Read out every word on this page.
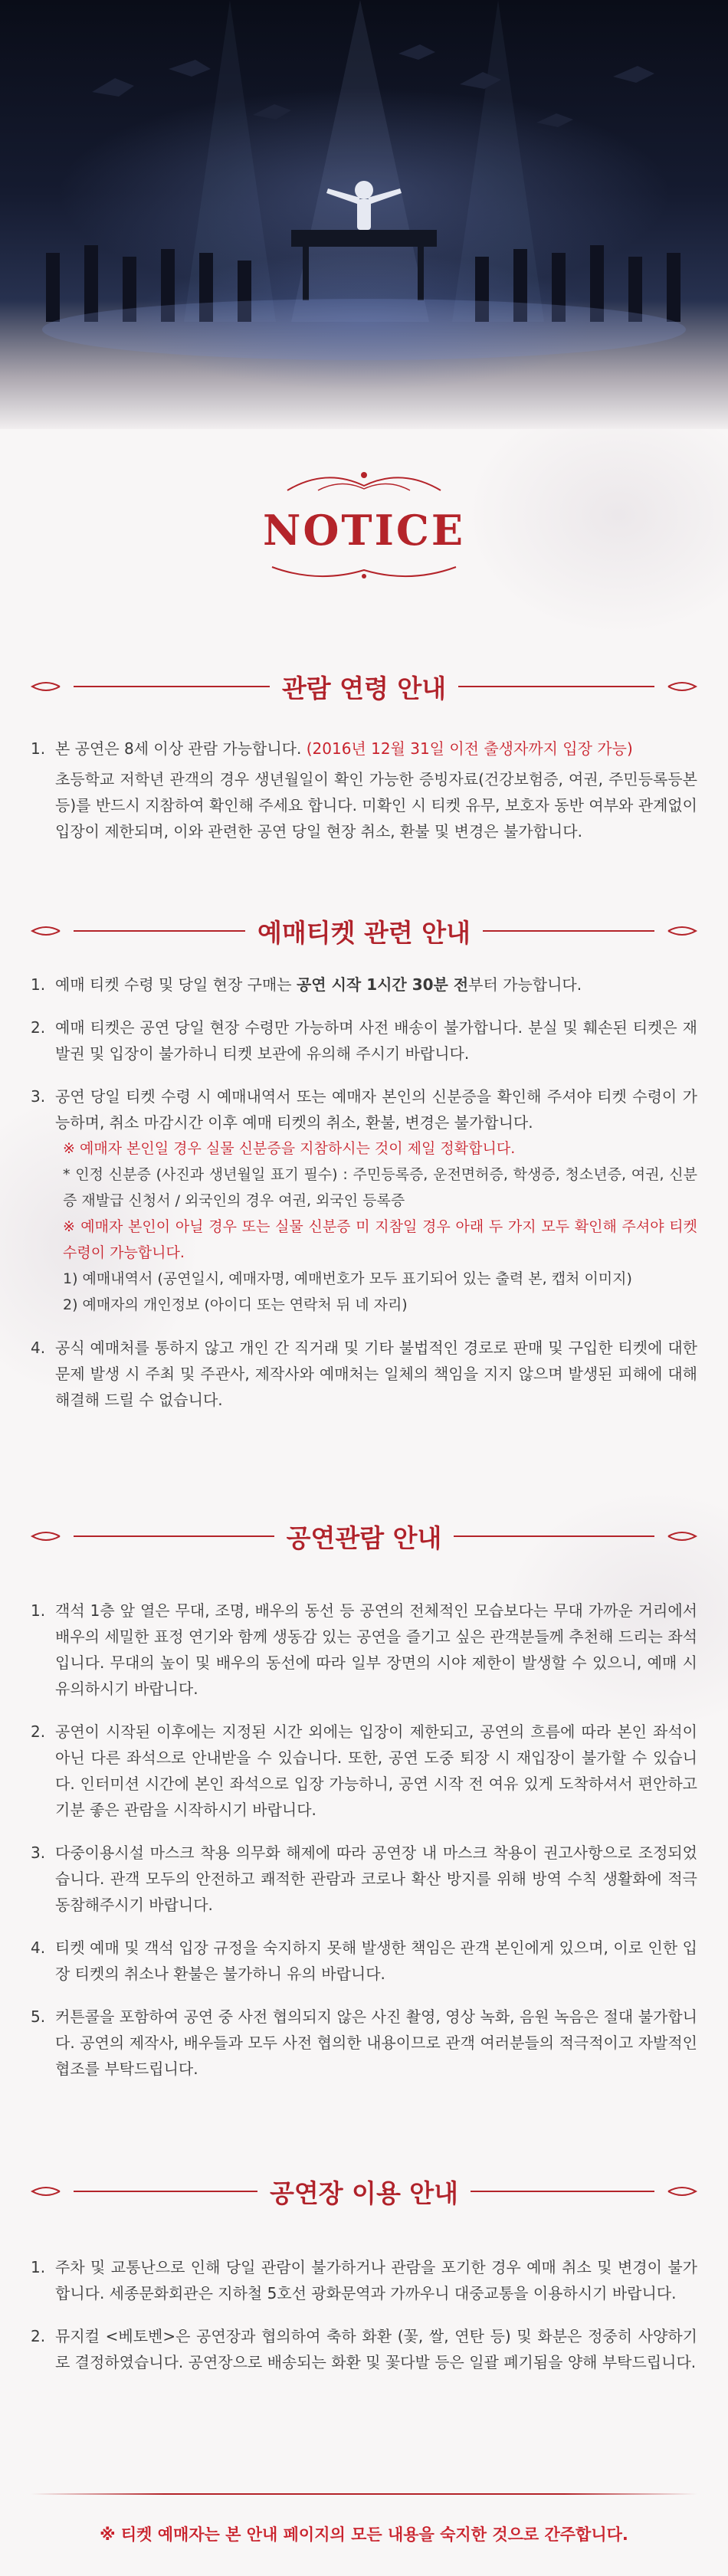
NOTICE
관람 연령 안내
1. 본 공연은 8세 이상 관람 가능합니다. (2016년 12월 31일 이전 출생자까지 입장 가능)
초등학교 저학년 관객의 경우 생년월일이 확인 가능한 증빙자료(건강보험증, 여권, 주민등록등본 등)를 반드시 지참하여 확인해 주세요 합니다. 미확인 시 티켓 유무, 보호자 동반 여부와 관계없이 입장이 제한되며, 이와 관련한 공연 당일 현장 취소, 환불 및 변경은 불가합니다.
예매티켓 관련 안내
1. 예매 티켓 수령 및 당일 현장 구매는 공연 시작 1시간 30분 전부터 가능합니다.
2. 예매 티켓은 공연 당일 현장 수령만 가능하며 사전 배송이 불가합니다. 분실 및 훼손된 티켓은 재발권 및 입장이 불가하니 티켓 보관에 유의해 주시기 바랍니다.
3. 공연 당일 티켓 수령 시 예매내역서 또는 예매자 본인의 신분증을 확인해 주셔야 티켓 수령이 가능하며, 취소 마감시간 이후 예매 티켓의 취소, 환불, 변경은 불가합니다.
※ 예매자 본인일 경우 실물 신분증을 지참하시는 것이 제일 정확합니다.
* 인정 신분증 (사진과 생년월일 표기 필수) : 주민등록증, 운전면허증, 학생증, 청소년증, 여권, 신분증 재발급 신청서 / 외국인의 경우 여권, 외국인 등록증
※ 예매자 본인이 아닐 경우 또는 실물 신분증 미 지참일 경우 아래 두 가지 모두 확인해 주셔야 티켓 수령이 가능합니다.
1) 예매내역서 (공연일시, 예매자명, 예매번호가 모두 표기되어 있는 출력 본, 캡처 이미지)
2) 예매자의 개인정보 (아이디 또는 연락처 뒤 네 자리)
4. 공식 예매처를 통하지 않고 개인 간 직거래 및 기타 불법적인 경로로 판매 및 구입한 티켓에 대한 문제 발생 시 주최 및 주관사, 제작사와 예매처는 일체의 책임을 지지 않으며 발생된 피해에 대해 해결해 드릴 수 없습니다.
공연관람 안내
1. 객석 1층 앞 열은 무대, 조명, 배우의 동선 등 공연의 전체적인 모습보다는 무대 가까운 거리에서 배우의 세밀한 표정 연기와 함께 생동감 있는 공연을 즐기고 싶은 관객분들께 추천해 드리는 좌석입니다. 무대의 높이 및 배우의 동선에 따라 일부 장면의 시야 제한이 발생할 수 있으니, 예매 시 유의하시기 바랍니다.
2. 공연이 시작된 이후에는 지정된 시간 외에는 입장이 제한되고, 공연의 흐름에 따라 본인 좌석이 아닌 다른 좌석으로 안내받을 수 있습니다. 또한, 공연 도중 퇴장 시 재입장이 불가할 수 있습니다. 인터미션 시간에 본인 좌석으로 입장 가능하니, 공연 시작 전 여유 있게 도착하셔서 편안하고 기분 좋은 관람을 시작하시기 바랍니다.
3. 다중이용시설 마스크 착용 의무화 해제에 따라 공연장 내 마스크 착용이 권고사항으로 조정되었습니다. 관객 모두의 안전하고 쾌적한 관람과 코로나 확산 방지를 위해 방역 수칙 생활화에 적극 동참해주시기 바랍니다.
4. 티켓 예매 및 객석 입장 규정을 숙지하지 못해 발생한 책임은 관객 본인에게 있으며, 이로 인한 입장 티켓의 취소나 환불은 불가하니 유의 바랍니다.
5. 커튼콜을 포함하여 공연 중 사전 협의되지 않은 사진 촬영, 영상 녹화, 음원 녹음은 절대 불가합니다. 공연의 제작사, 배우들과 모두 사전 협의한 내용이므로 관객 여러분들의 적극적이고 자발적인 협조를 부탁드립니다.
공연장 이용 안내
1. 주차 및 교통난으로 인해 당일 관람이 불가하거나 관람을 포기한 경우 예매 취소 및 변경이 불가합니다. 세종문화회관은 지하철 5호선 광화문역과 가까우니 대중교통을 이용하시기 바랍니다.
2. 뮤지컬 <베토벤>은 공연장과 협의하여 축하 화환 (꽃, 쌀, 연탄 등) 및 화분은 정중히 사양하기로 결정하였습니다. 공연장으로 배송되는 화환 및 꽃다발 등은 일괄 폐기됨을 양해 부탁드립니다.
※ 티켓 예매자는 본 안내 페이지의 모든 내용을 숙지한 것으로 간주합니다.
